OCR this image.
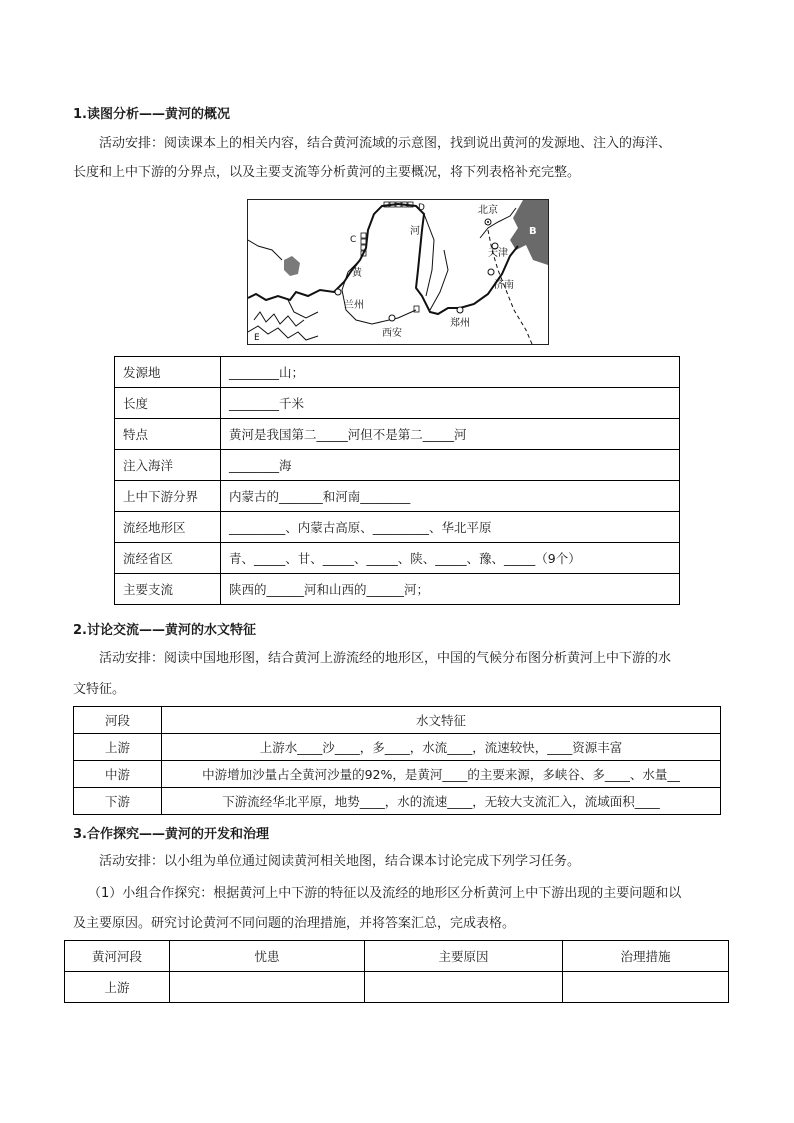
1.读图分析——黄河的概况
活动安排：阅读课本上的相关内容，结合黄河流域的示意图，找到说出黄河的发源地、注入的海洋、
长度和上中下游的分界点，以及主要支流等分析黄河的主要概况，将下列表格补充完整。
北京
天津
济南
郑州
西安
兰州
河
黄
D
C
B
E
发源地	________山；
长度	________千米
特点	黄河是我国第二_____河但不是第二_____河
注入海洋	________海
上中下游分界	内蒙古的_______和河南________
流经地形区	_________、内蒙古高原、_________、华北平原
流经省区	青、_____、甘、_____、_____、陕、_____、豫、_____（9个）
主要支流	陕西的______河和山西的______河；
2.讨论交流——黄河的水文特征
活动安排：阅读中国地形图，结合黄河上游流经的地形区，中国的气候分布图分析黄河上中下游的水
文特征。
河段	水文特征
上游	上游水____沙____，多____，水流____，流速较快，____资源丰富
中游	中游增加沙量占全黄河沙量的92%，是黄河____的主要来源，多峡谷、多____、水量__
下游	下游流经华北平原，地势____，水的流速____，无较大支流汇入，流域面积____
3.合作探究——黄河的开发和治理
活动安排：以小组为单位通过阅读黄河相关地图，结合课本讨论完成下列学习任务。
（1）小组合作探究：根据黄河上中下游的特征以及流经的地形区分析黄河上中下游出现的主要问题和以
及主要原因。研究讨论黄河不同问题的治理措施，并将答案汇总，完成表格。
黄河河段	忧患	主要原因	治理措施
上游			
